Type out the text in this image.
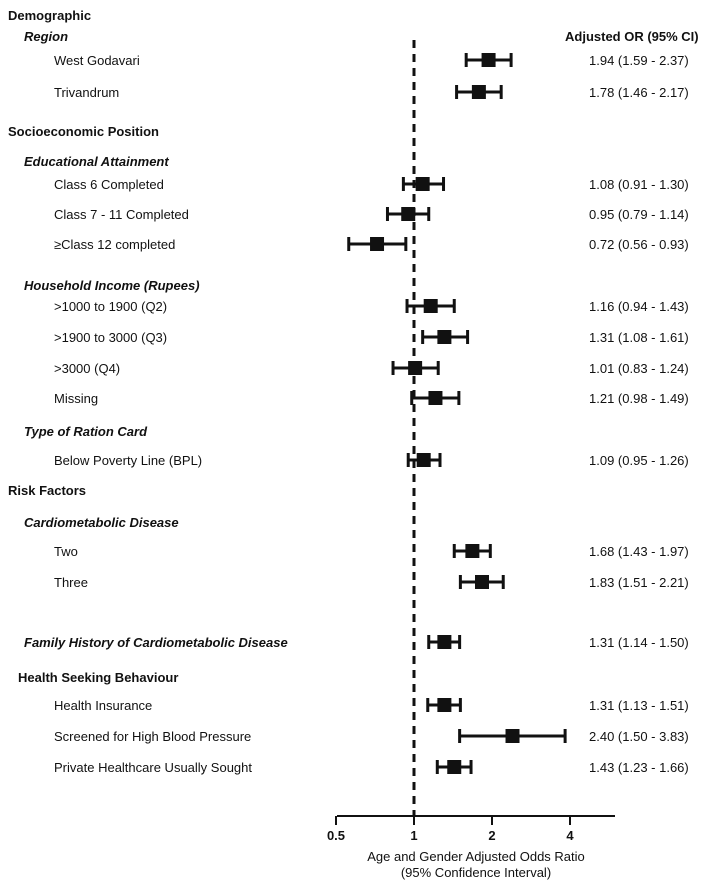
Adjusted OR (95% CI)
Demographic
Region
West Godavari	1.94 (1.59 - 2.37)
Trivandrum	1.78 (1.46 - 2.17)
Socioeconomic Position
Educational Attainment
Class 6 Completed	1.08 (0.91 - 1.30)
Class 7 - 11 Completed	0.95 (0.79 - 1.14)
≥Class 12 completed	0.72 (0.56 - 0.93)
Household Income (Rupees)
>1000 to 1900 (Q2)	1.16 (0.94 - 1.43)
>1900 to 3000 (Q3)	1.31 (1.08 - 1.61)
>3000 (Q4)	1.01 (0.83 - 1.24)
Missing	1.21 (0.98 - 1.49)
Type of Ration Card
Below Poverty Line (BPL)	1.09 (0.95 - 1.26)
Risk Factors
Cardiometabolic Disease
Two	1.68 (1.43 - 1.97)
Three	1.83 (1.51 - 2.21)
Family History of Cardiometabolic Disease	1.31 (1.14 - 1.50)
Health Seeking Behaviour
Health Insurance	1.31 (1.13 - 1.51)
Screened for High Blood Pressure	2.40 (1.50 - 3.83)
Private Healthcare Usually Sought	1.43 (1.23 - 1.66)
0.5	1	2	4
Age and Gender Adjusted Odds Ratio
(95% Confidence Interval)
